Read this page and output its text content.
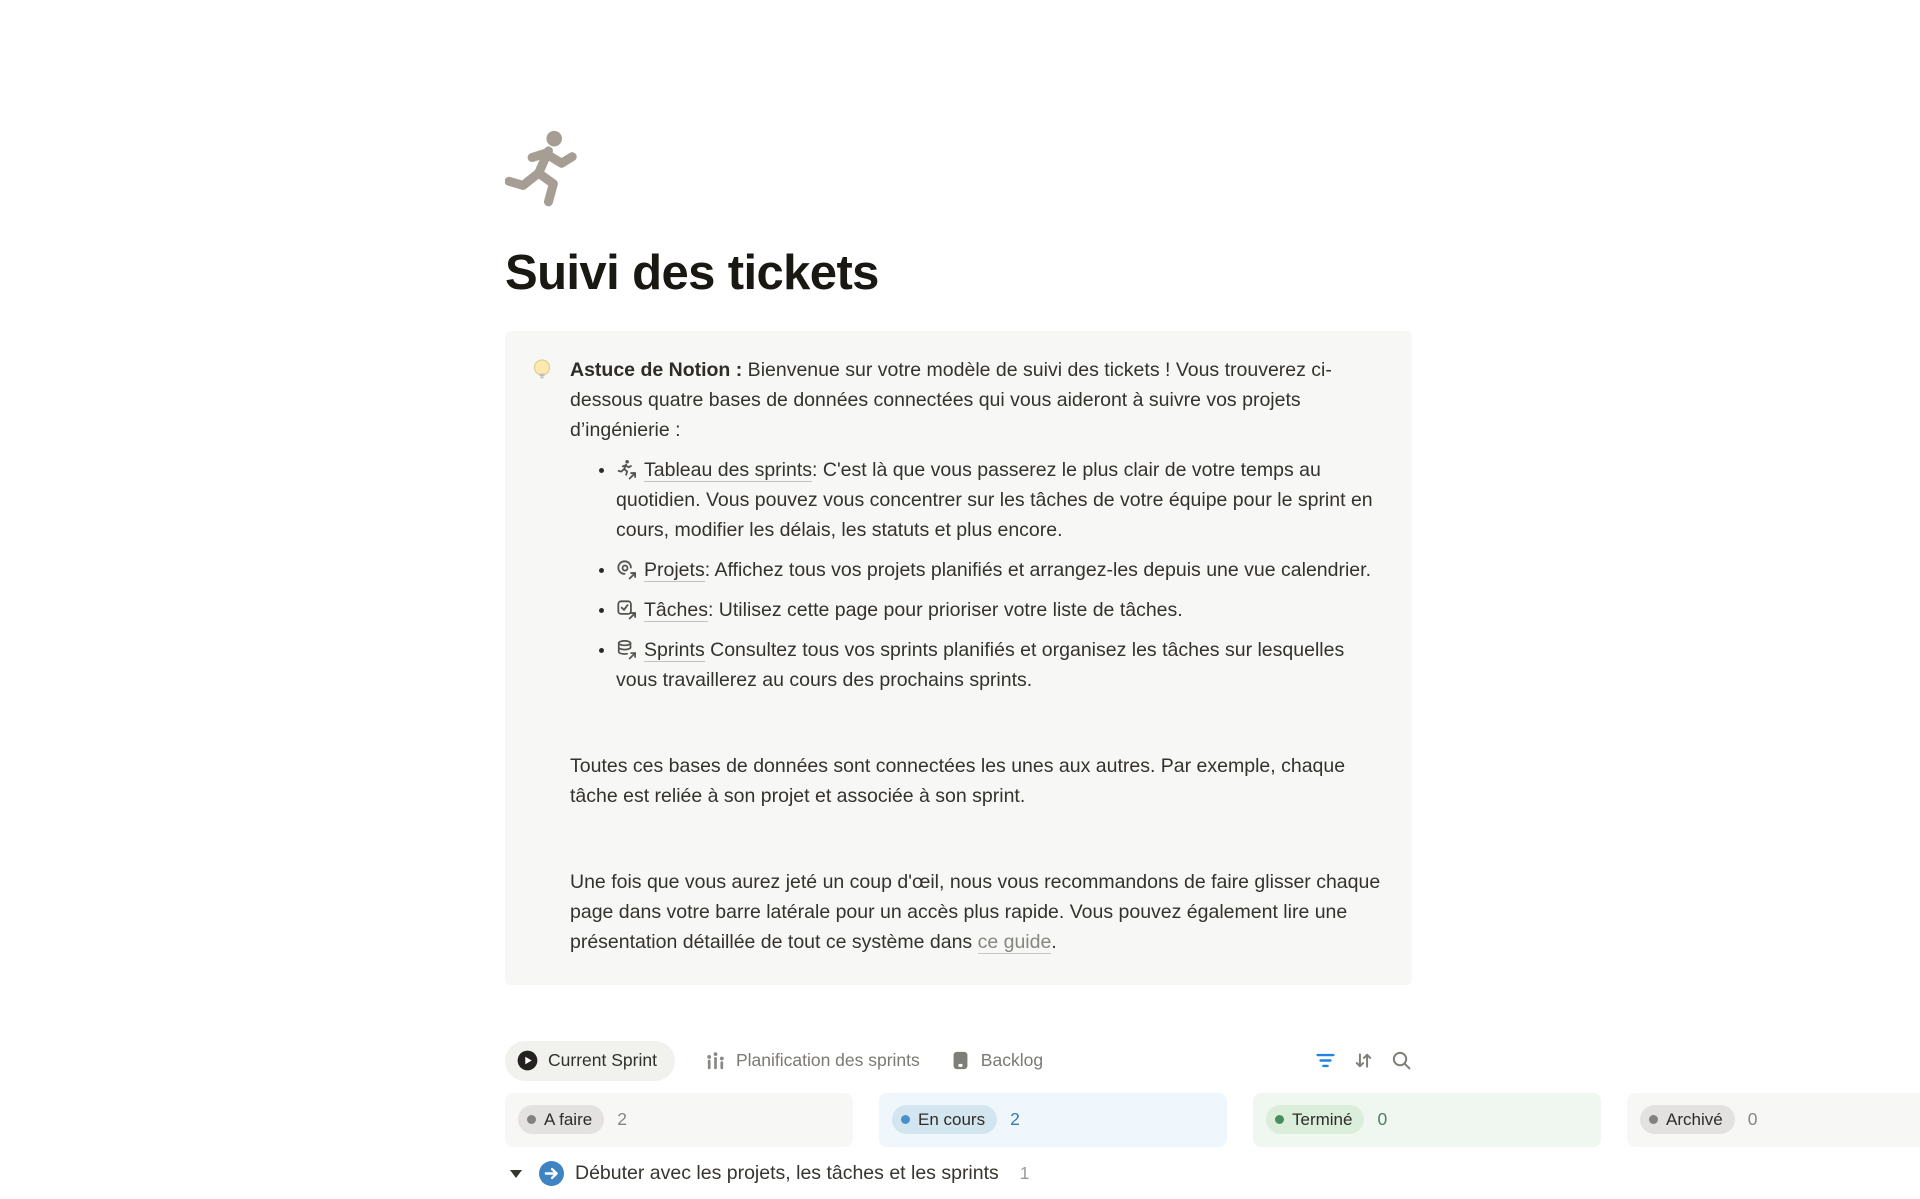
Suivi des tickets

Astuce de Notion : Bienvenue sur votre modèle de suivi des tickets ! Vous trouverez ci-dessous quatre bases de données connectées qui vous aideront à suivre vos projets d’ingénierie :

• Tableau des sprints: C'est là que vous passerez le plus clair de votre temps au quotidien. Vous pouvez vous concentrer sur les tâches de votre équipe pour le sprint en cours, modifier les délais, les statuts et plus encore.
• Projets: Affichez tous vos projets planifiés et arrangez-les depuis une vue calendrier.
• Tâches: Utilisez cette page pour prioriser votre liste de tâches.
• Sprints Consultez tous vos sprints planifiés et organisez les tâches sur lesquelles vous travaillerez au cours des prochains sprints.

Toutes ces bases de données sont connectées les unes aux autres. Par exemple, chaque tâche est reliée à son projet et associée à son sprint.

Une fois que vous aurez jeté un coup d'œil, nous vous recommandons de faire glisser chaque page dans votre barre latérale pour un accès plus rapide. Vous pouvez également lire une présentation détaillée de tout ce système dans ce guide.

Current Sprint	Planification des sprints	Backlog
A faire 2	En cours 2	Terminé 0	Archivé 0
Débuter avec les projets, les tâches et les sprints 1
